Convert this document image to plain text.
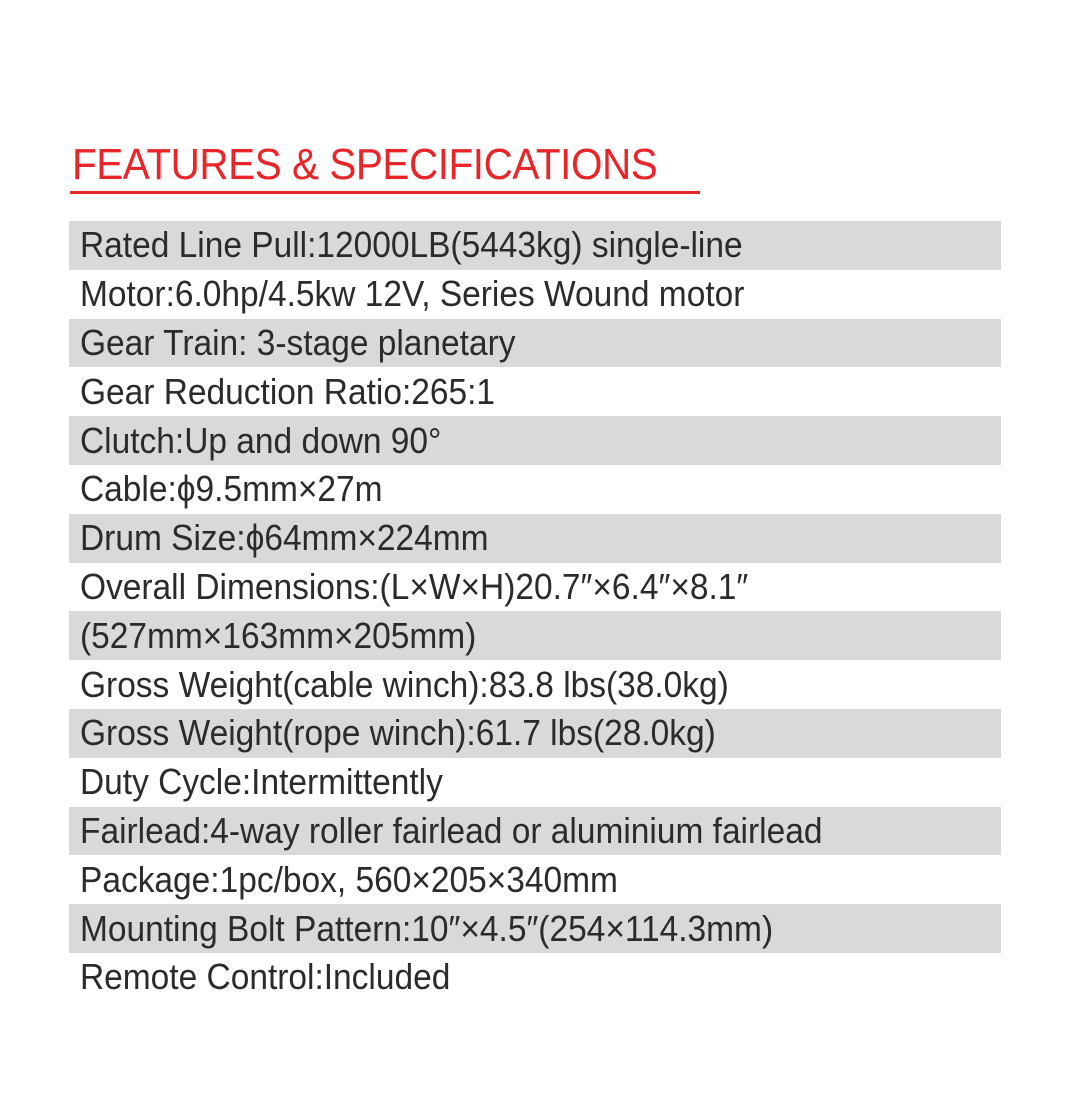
FEATURES & SPECIFICATIONS
Rated Line Pull:12000LB(5443kg) single-line
Motor:6.0hp/4.5kw 12V, Series Wound motor
Gear Train: 3-stage planetary
Gear Reduction Ratio:265:1
Clutch:Up and down 90°
Cable:ϕ9.5mm×27m
Drum Size:ϕ64mm×224mm
Overall Dimensions:(L×W×H)20.7″×6.4″×8.1″
(527mm×163mm×205mm)
Gross Weight(cable winch):83.8 lbs(38.0kg)
Gross Weight(rope winch):61.7 lbs(28.0kg)
Duty Cycle:Intermittently
Fairlead:4-way roller fairlead or aluminium fairlead
Package:1pc/box, 560×205×340mm
Mounting Bolt Pattern:10″×4.5″(254×114.3mm)
Remote Control:Included
